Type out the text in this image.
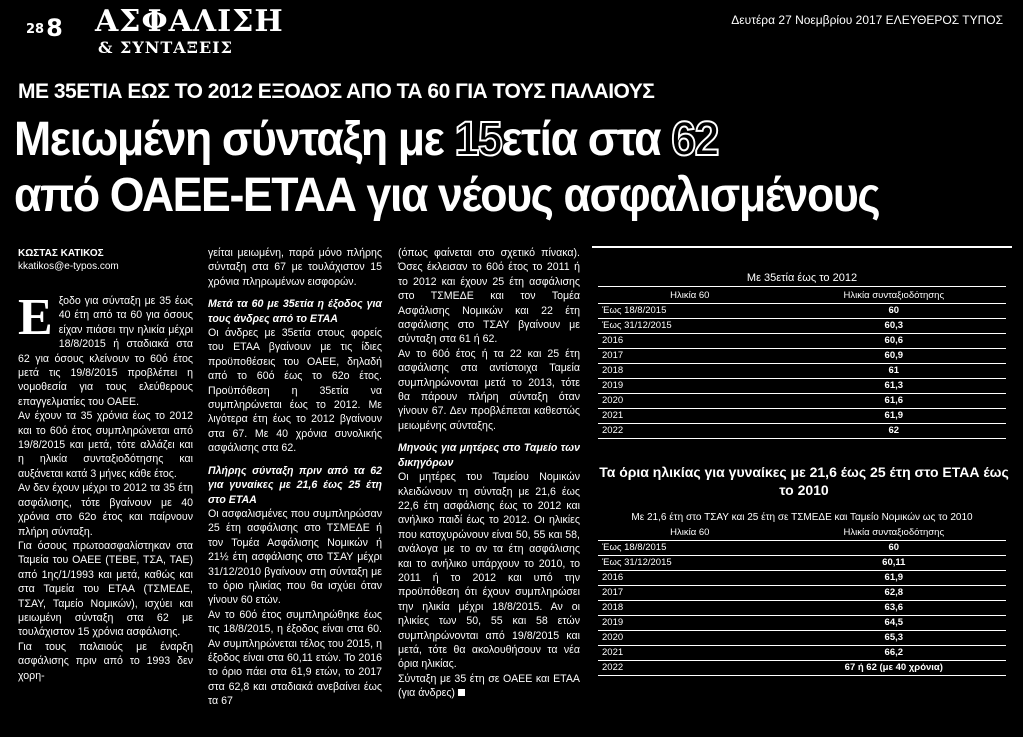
288 ΑΣΦΑΛΙΣΗ
& ΣΥΝΤΑΞΕΙΣ
Δευτέρα 27 Νοεμβρίου 2017 ΕΛΕΥΘΕΡΟΣ ΤΥΠΟΣ
ΜΕ 35ΕΤΙΑ ΕΩΣ ΤΟ 2012 ΕΞΟΔΟΣ ΑΠΟ ΤΑ 60 ΓΙΑ ΤΟΥΣ ΠΑΛΑΙΟΥΣ
Μειωμένη σύνταξη με 15ετία στα 62
από ΟΑΕΕ-ΕΤΑΑ για νέους ασφαλισμένους
ΚΩΣΤΑΣ ΚΑΤΙΚΟΣ
kkatikos@e-typos.com

Εξοδο για σύνταξη με 35 έως 40 έτη από τα 60 για όσους είχαν πιάσει την ηλικία μέχρι 18/8/2015 ή σταδιακά στα 62 για όσους κλείνουν το 60ό έτος μετά τις 19/8/2015 προβλέπει η νομοθεσία για τους ελεύθερους επαγγελματίες του ΟΑΕΕ.

Αν έχουν τα 35 χρόνια έως το 2012 και το 60ό έτος συμπληρώνεται από 19/8/2015 και μετά, τότε αλλάζει και η ηλικία συνταξιοδότησης και αυξάνεται κατά 3 μήνες κάθε έτος.

Αν δεν έχουν μέχρι το 2012 τα 35 έτη ασφάλισης, τότε βγαίνουν με 40 χρόνια στο 62ο έτος και παίρνουν πλήρη σύνταξη.

Για όσους πρωτοασφαλίστηκαν στα Ταμεία του ΟΑΕΕ (ΤΕΒΕ, ΤΣΑ, ΤΑΕ) από 1ης/1/1993 και μετά, καθώς και στα Ταμεία του ΕΤΑΑ (ΤΣΜΕΔΕ, ΤΣΑΥ, Ταμείο Νομικών), ισχύει και μειωμένη σύνταξη στα 62 με τουλάχιστον 15 χρόνια ασφάλισης.

Για τους παλαιούς με έναρξη ασφάλισης πριν από το 1993 δεν χορη-

γείται μειωμένη, παρά μόνο πλήρης σύνταξη στα 67 με τουλάχιστον 15 χρόνια πληρωμένων εισφορών.

Μετά τα 60 με 35ετία η έξοδος για τους άνδρες από το ΕΤΑΑ

Οι άνδρες με 35ετία στους φορείς του ΕΤΑΑ βγαίνουν με τις ίδιες προϋποθέσεις του ΟΑΕΕ, δηλαδή από το 60ό έως το 62ο έτος. Προϋπόθεση η 35ετία να συμπληρώνεται έως το 2012. Με λιγότερα έτη έως το 2012 βγαίνουν στα 67. Με 40 χρόνια συνολικής ασφάλισης στα 62.

Πλήρης σύνταξη πριν από τα 62 για γυναίκες με 21,6 έως 25 έτη στο ΕΤΑΑ

Οι ασφαλισμένες που συμπληρώσαν 25 έτη ασφάλισης στο ΤΣΜΕΔΕ ή τον Τομέα Ασφάλισης Νομικών ή 21½ έτη ασφάλισης στο ΤΣΑΥ μέχρι 31/12/2010 βγαίνουν στη σύνταξη με το όριο ηλικίας που θα ισχύει όταν γίνουν 60 ετών.

Αν το 60ό έτος συμπληρώθηκε έως τις 18/8/2015, η έξοδος είναι στα 60. Αν συμπληρώνεται τέλος του 2015, η έξοδος είναι στα 60,11 ετών. Το 2016 το όριο πάει στα 61,9 ετών, το 2017 στα 62,8 και σταδιακά ανεβαίνει έως τα 67

(όπως φαίνεται στο σχετικό πίνακα). Όσες έκλεισαν το 60ό έτος το 2011 ή το 2012 και έχουν 25 έτη ασφάλισης στο ΤΣΜΕΔΕ και τον Τομέα Ασφάλισης Νομικών και 22 έτη ασφάλισης στο ΤΣΑΥ βγαίνουν με σύνταξη στα 61 ή 62.

Αν το 60ό έτος ή τα 22 και 25 έτη ασφάλισης στα αντίστοιχα Ταμεία συμπληρώνονται μετά το 2013, τότε θα πάρουν πλήρη σύνταξη όταν γίνουν 67. Δεν προβλέπεται καθεστώς μειωμένης σύνταξης.

Μηνούς για μητέρες στο Ταμείο των δικηγόρων

Οι μητέρες του Ταμείου Νομικών κλειδώνουν τη σύνταξη με 21,6 έως 22,6 έτη ασφάλισης έως το 2012 και ανήλικο παιδί έως το 2012. Οι ηλικίες που κατοχυρώνουν είναι 50, 55 και 58, ανάλογα με το αν τα έτη ασφάλισης και το ανήλικο υπάρχουν το 2010, το 2011 ή το 2012 και υπό την προϋπόθεση ότι έχουν συμπληρώσει την ηλικία μέχρι 18/8/2015. Αν οι ηλικίες των 50, 55 και 58 ετών συμπληρώνονται από 19/8/2015 και μετά, τότε θα ακολουθήσουν τα νέα όρια ηλικίας.

Σύνταξη με 35 έτη σε ΟΑΕΕ και ΕΤΑΑ (για άνδρες)

Με 35ετία έως το 2012
Ηλικία 60	Ηλικία συνταξιοδότησης
Έως 18/8/2015	60
Έως 31/12/2015	60,3
2016	60,6
2017	60,9
2018	61
2019	61,3
2020	61,6
2021	61,9
2022	62
Τα όρια ηλικίας για γυναίκες με 21,6 έως 25 έτη στο ΕΤΑΑ έως το 2010
Με 21,6 έτη στο ΤΣΑΥ και 25 έτη σε ΤΣΜΕΔΕ και Ταμείο Νομικών ως το 2010
Ηλικία 60	Ηλικία συνταξιοδότησης
Έως 18/8/2015	60
Έως 31/12/2015	60,11
2016	61,9
2017	62,8
2018	63,6
2019	64,5
2020	65,3
2021	66,2
2022	67 ή 62 (με 40 χρόνια)
